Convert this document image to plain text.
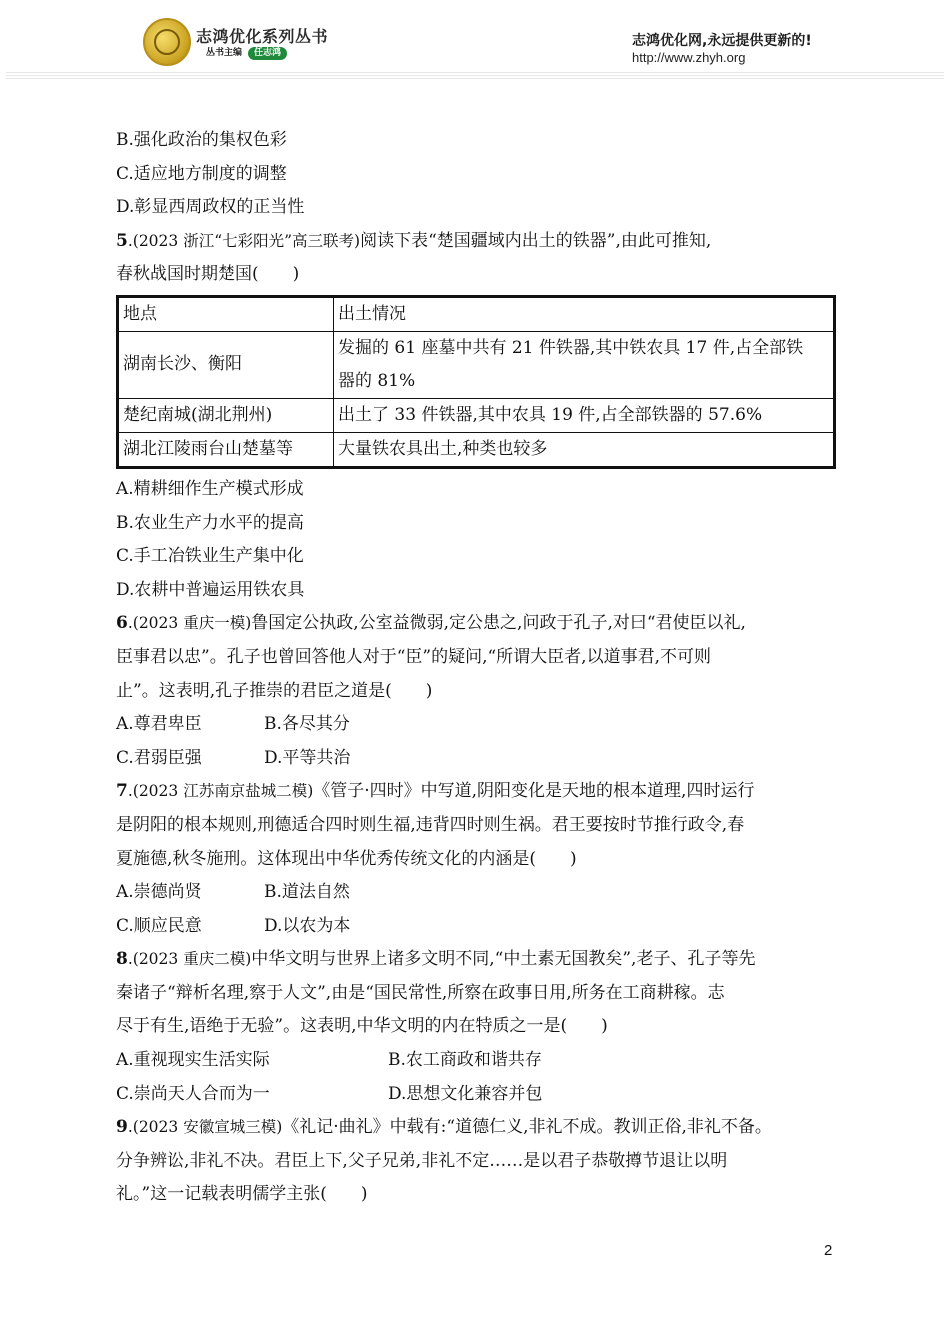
志鸿优化系列丛书
丛书主编 任志鸿
志鸿优化网,永远提供更新的!
http://www.zhyh.org
B.强化政治的集权色彩
C.适应地方制度的调整
D.彰显西周政权的正当性
5.(2023 浙江“七彩阳光”高三联考)阅读下表“楚国疆域内出土的铁器”,由此可推知,
春秋战国时期楚国(　　)
地点	出土情况
湖南长沙、衡阳	发掘的 61 座墓中共有 21 件铁器,其中铁农具 17 件,占全部铁
器的 81%

楚纪南城(湖北荆州)	出土了 33 件铁器,其中农具 19 件,占全部铁器的 57.6%
湖北江陵雨台山楚墓等	大量铁农具出土,种类也较多
A.精耕细作生产模式形成
B.农业生产力水平的提高
C.手工冶铁业生产集中化
D.农耕中普遍运用铁农具
6.(2023 重庆一模)鲁国定公执政,公室益微弱,定公患之,问政于孔子,对曰“君使臣以礼,
臣事君以忠”。孔子也曾回答他人对于“臣”的疑问,“所谓大臣者,以道事君,不可则
止”。这表明,孔子推崇的君臣之道是(　　)
A.尊君卑臣	B.各尽其分
C.君弱臣强	D.平等共治
7.(2023 江苏南京盐城二模)《管子·四时》中写道,阴阳变化是天地的根本道理,四时运行
是阴阳的根本规则,刑德适合四时则生福,违背四时则生祸。君王要按时节推行政令,春
夏施德,秋冬施刑。这体现出中华优秀传统文化的内涵是(　　)
A.崇德尚贤	B.道法自然
C.顺应民意	D.以农为本
8.(2023 重庆二模)中华文明与世界上诸多文明不同,“中土素无国教矣”,老子、孔子等先
秦诸子“辩析名理,察于人文”,由是“国民常性,所察在政事日用,所务在工商耕稼。志
尽于有生,语绝于无验”。这表明,中华文明的内在特质之一是(　　)
A.重视现实生活实际	B.农工商政和谐共存
C.崇尚天人合而为一	D.思想文化兼容并包
9.(2023 安徽宣城三模)《礼记·曲礼》中载有:“道德仁义,非礼不成。教训正俗,非礼不备。
分争辨讼,非礼不决。君臣上下,父子兄弟,非礼不定……是以君子恭敬撙节退让以明
礼。”这一记载表明儒学主张(　　)
2
